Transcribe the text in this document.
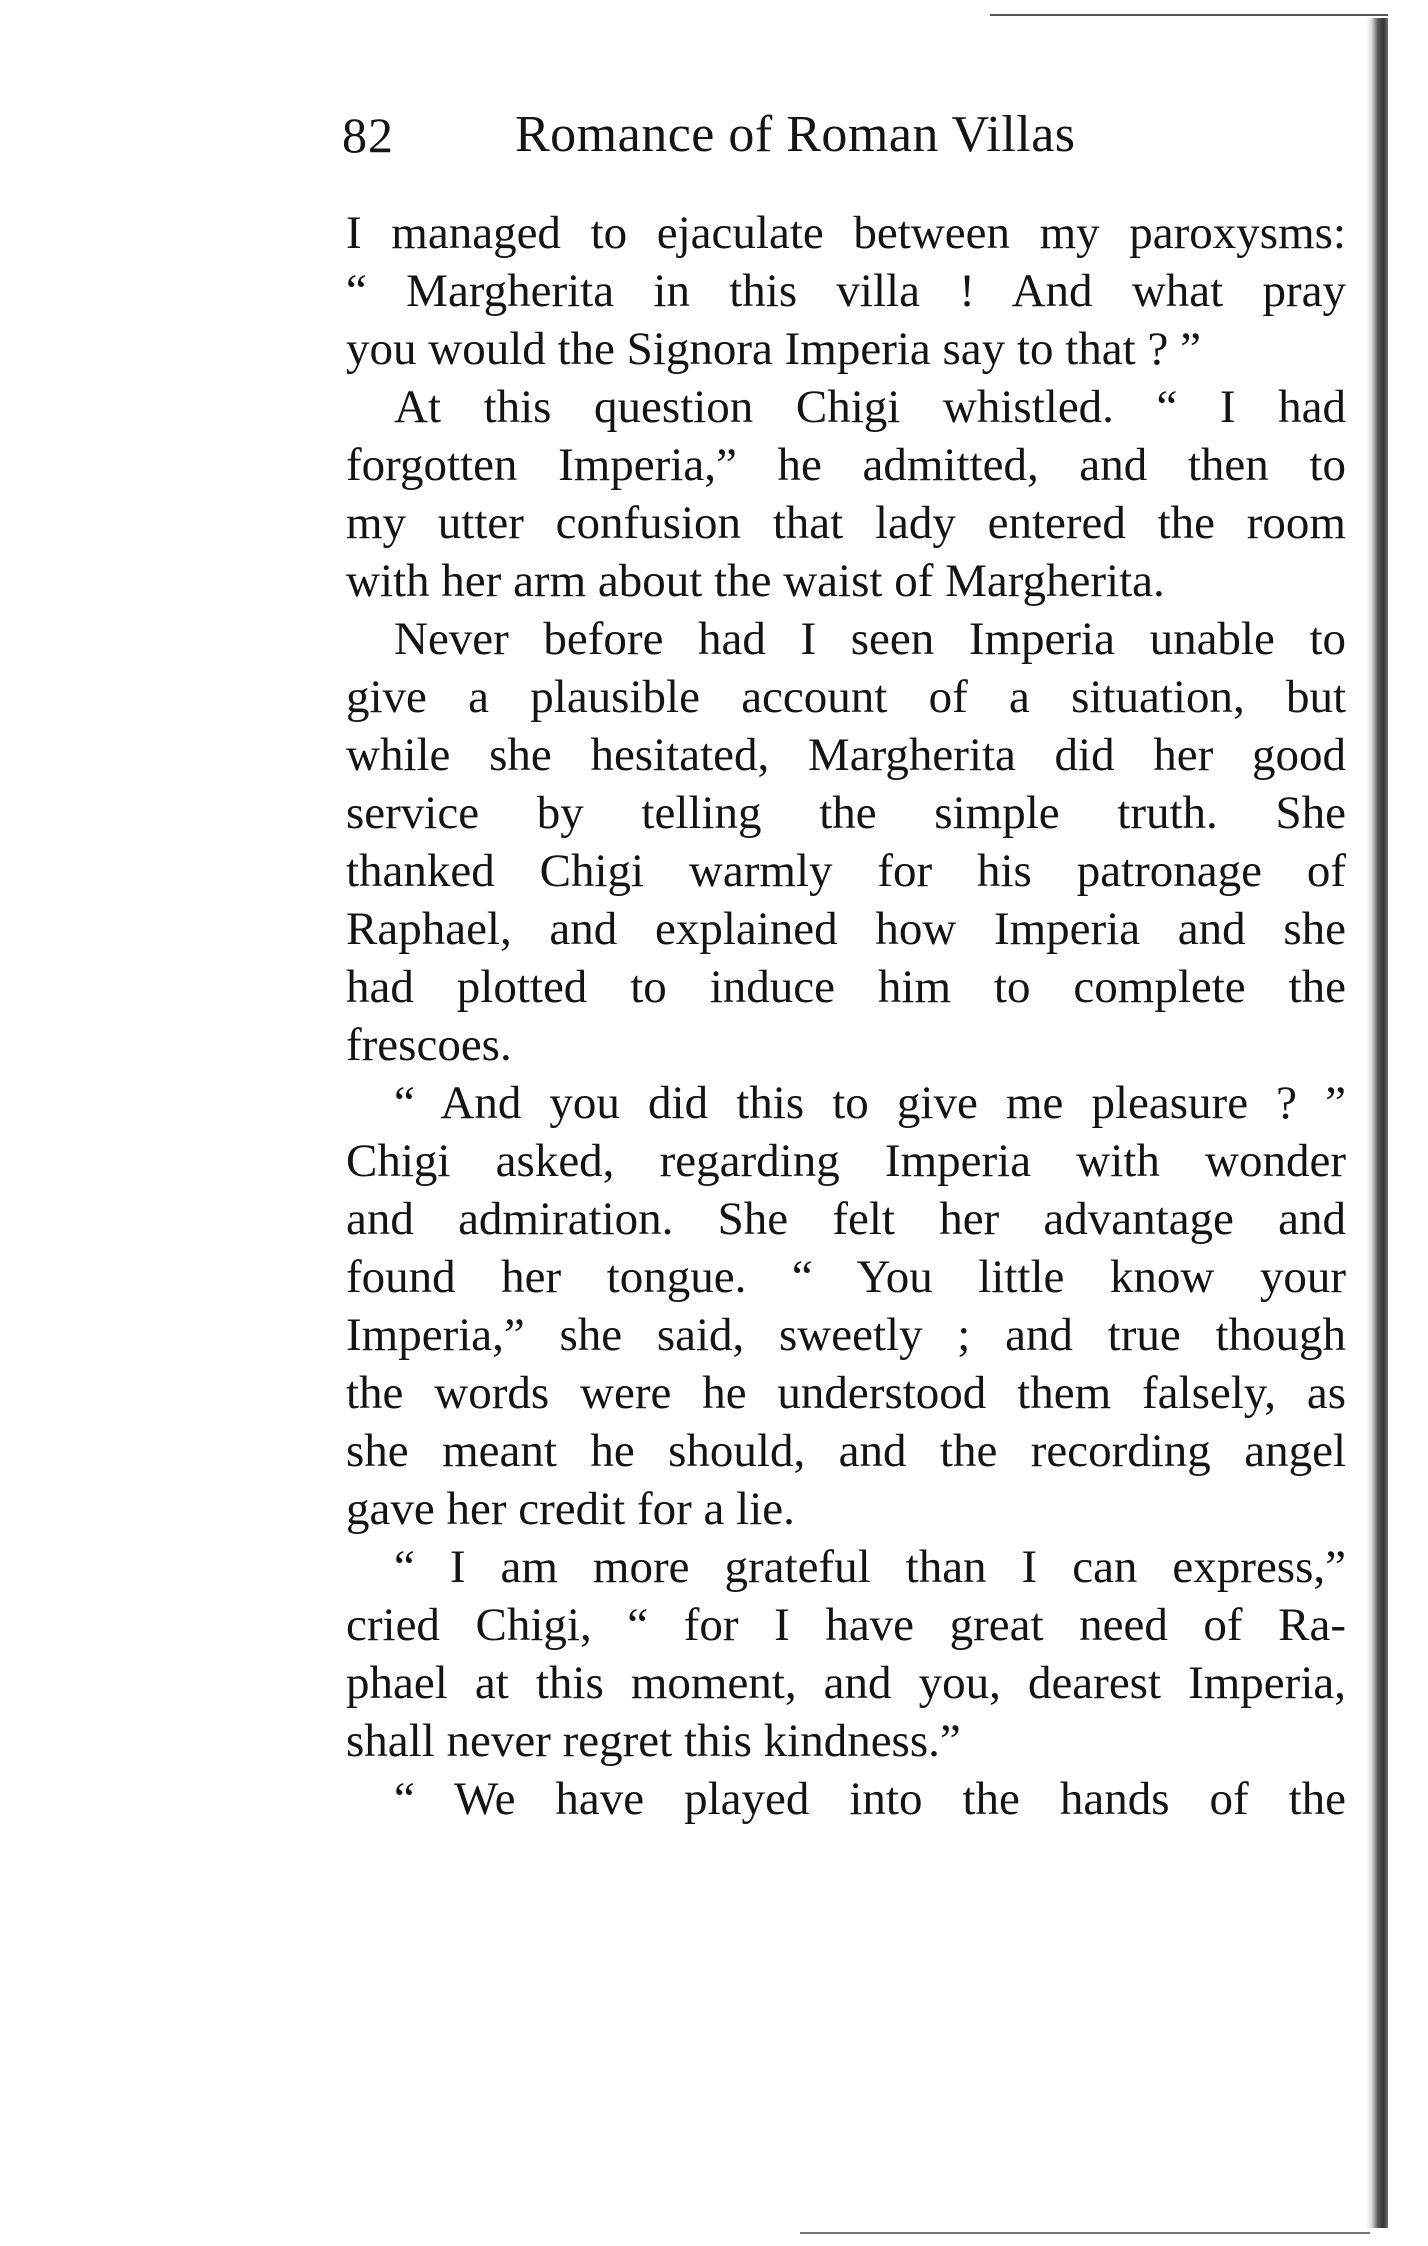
82 Romance of Roman Villas
I managed to ejaculate between my paroxysms:
“ Margherita in this villa ! And what pray
you would the Signora Imperia say to that ? ”
At this question Chigi whistled. “ I had
forgotten Imperia,” he admitted, and then to
my utter confusion that lady entered the room
with her arm about the waist of Margherita.
Never before had I seen Imperia unable to
give a plausible account of a situation, but
while she hesitated, Margherita did her good
service by telling the simple truth. She
thanked Chigi warmly for his patronage of
Raphael, and explained how Imperia and she
had plotted to induce him to complete the
frescoes.
“ And you did this to give me pleasure ? ”
Chigi asked, regarding Imperia with wonder
and admiration. She felt her advantage and
found her tongue. “ You little know your
Imperia,” she said, sweetly ; and true though
the words were he understood them falsely, as
she meant he should, and the recording angel
gave her credit for a lie.
“ I am more grateful than I can express,”
cried Chigi, “ for I have great need of Ra-
phael at this moment, and you, dearest Imperia,
shall never regret this kindness.”
“ We have played into the hands of the
